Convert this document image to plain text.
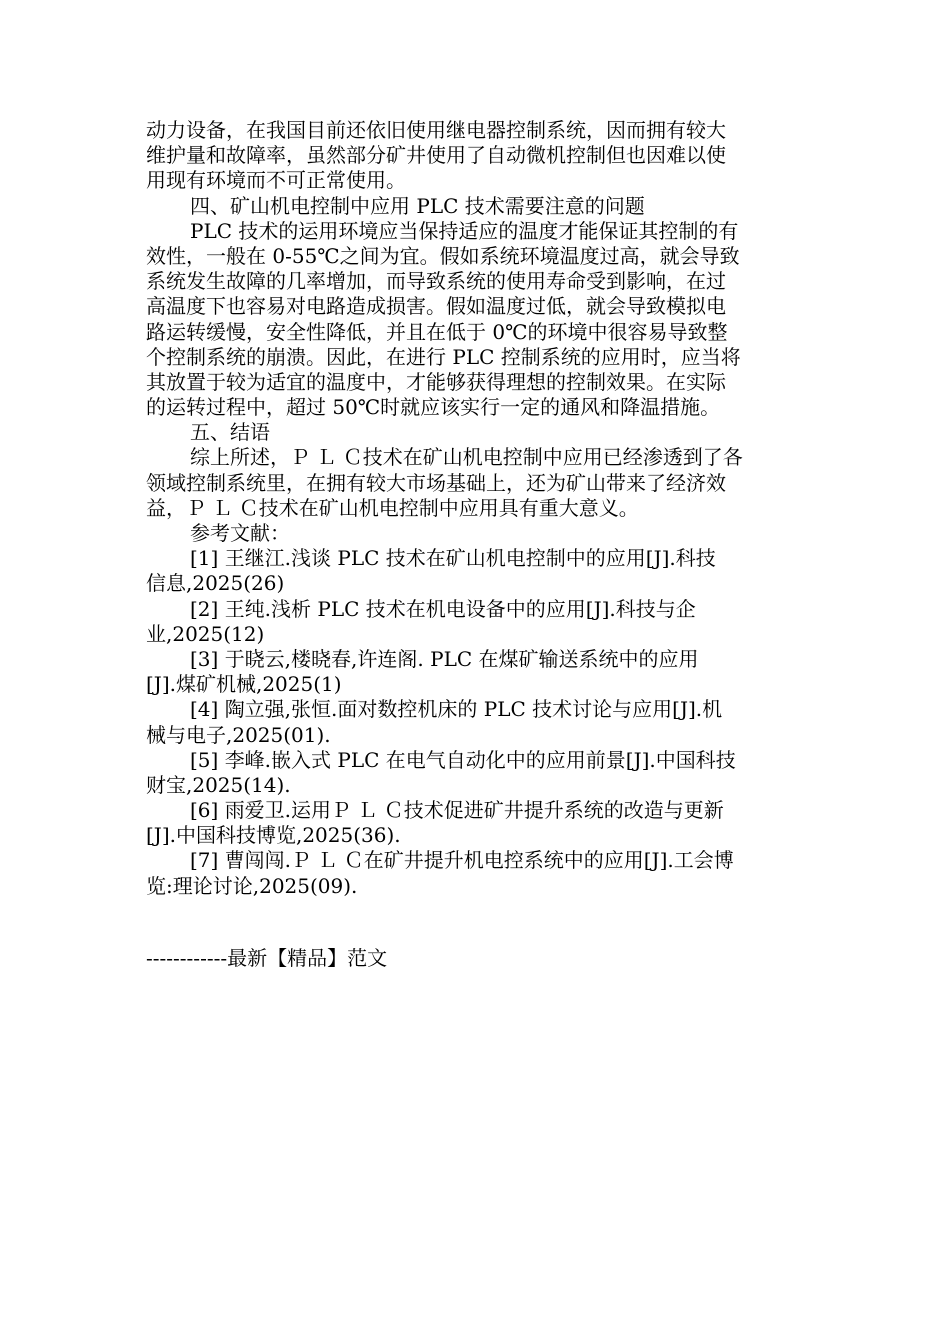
动力设备，在我国目前还依旧使用继电器控制系统，因而拥有较大
维护量和故障率，虽然部分矿井使用了自动微机控制但也因难以使
用现有环境而不可正常使用。
四、矿山机电控制中应用 PLC 技术需要注意的问题
PLC 技术的运用环境应当保持适应的温度才能保证其控制的有
效性，一般在 0-55℃之间为宜。假如系统环境温度过高，就会导致
系统发生故障的几率增加，而导致系统的使用寿命受到影响，在过
高温度下也容易对电路造成损害。假如温度过低，就会导致模拟电
路运转缓慢，安全性降低，并且在低于 0℃的环境中很容易导致整
个控制系统的崩溃。因此，在进行 PLC 控制系统的应用时，应当将
其放置于较为适宜的温度中，才能够获得理想的控制效果。在实际
的运转过程中，超过 50℃时就应该实行一定的通风和降温措施。
五、结语
综上所述，Ｐ Ｌ Ｃ技术在矿山机电控制中应用已经渗透到了各
领域控制系统里，在拥有较大市场基础上，还为矿山带来了经济效
益，Ｐ Ｌ Ｃ技术在矿山机电控制中应用具有重大意义。
参考文献：
[1] 王继江.浅谈 PLC 技术在矿山机电控制中的应用[J].科技
信息,2025(26)
[2] 王纯.浅析 PLC 技术在机电设备中的应用[J].科技与企
业,2025(12)
[3] 于晓云,楼晓春,许连阁. PLC 在煤矿输送系统中的应用
[J].煤矿机械,2025(1)
[4] 陶立强,张恒.面对数控机床的 PLC 技术讨论与应用[J].机
械与电子,2025(01).
[5] 李峰.嵌入式 PLC 在电气自动化中的应用前景[J].中国科技
财宝,2025(14).
[6] 雨爱卫.运用Ｐ Ｌ Ｃ技术促进矿井提升系统的改造与更新
[J].中国科技博览,2025(36).
[7] 曹闯闯.Ｐ Ｌ Ｃ在矿井提升机电控系统中的应用[J].工会博
览:理论讨论,2025(09).
------------最新【精品】范文
